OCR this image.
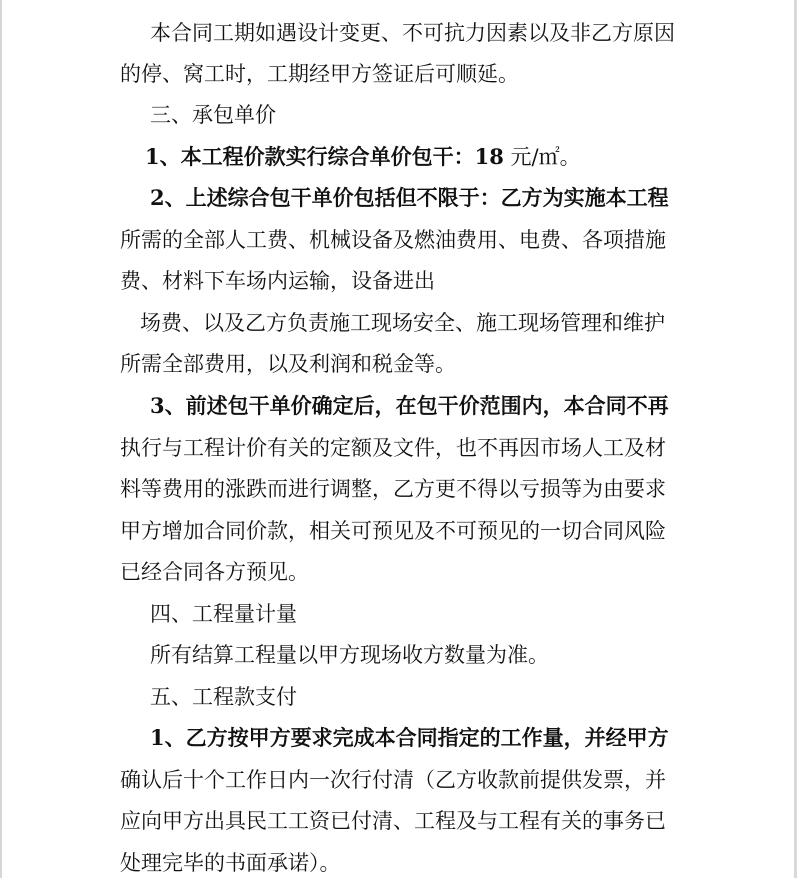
本合同工期如遇设计变更、不可抗力因素以及非乙方原因
的停、窝工时，工期经甲方签证后可顺延。
三、承包单价
1、本工程价款实行综合单价包干：18 元/㎡。
2、上述综合包干单价包括但不限于：乙方为实施本工程
所需的全部人工费、机械设备及燃油费用、电费、各项措施
费、材料下车场内运输，设备进出
场费、以及乙方负责施工现场安全、施工现场管理和维护
所需全部费用，以及利润和税金等。
3、前述包干单价确定后，在包干价范围内，本合同不再
执行与工程计价有关的定额及文件，也不再因市场人工及材
料等费用的涨跌而进行调整，乙方更不得以亏损等为由要求
甲方增加合同价款，相关可预见及不可预见的一切合同风险
已经合同各方预见。
四、工程量计量
所有结算工程量以甲方现场收方数量为准。
五、工程款支付
1、乙方按甲方要求完成本合同指定的工作量，并经甲方
确认后十个工作日内一次行付清（乙方收款前提供发票，并
应向甲方出具民工工资已付清、工程及与工程有关的事务已
处理完毕的书面承诺）。
